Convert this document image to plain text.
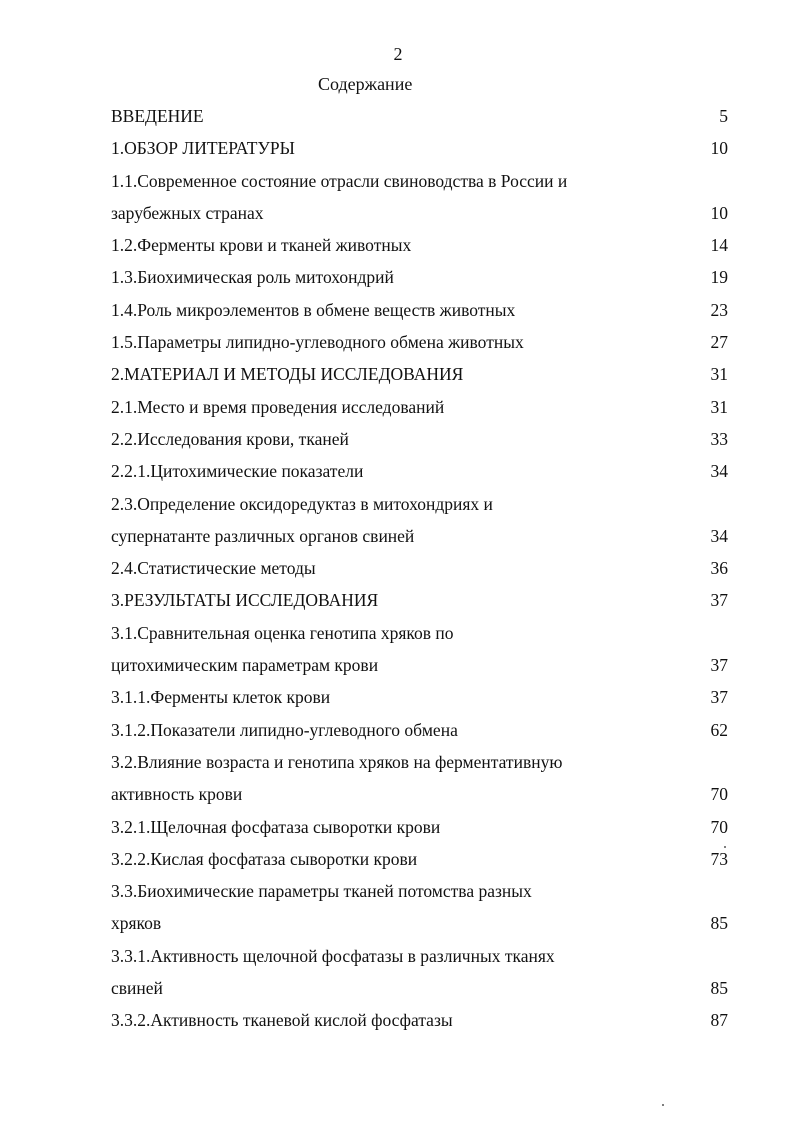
2
Содержание
ВВЕДЕНИЕ	5
1.ОБЗОР ЛИТЕРАТУРЫ	10
1.1.Современное состояние отрасли свиноводства в России и
зарубежных странах	10
1.2.Ферменты крови и тканей животных	14
1.3.Биохимическая роль митохондрий	19
1.4.Роль микроэлементов в обмене веществ животных	23
1.5.Параметры липидно-углеводного обмена животных	27
2.МАТЕРИАЛ И МЕТОДЫ ИССЛЕДОВАНИЯ	31
2.1.Место и время проведения исследований	31
2.2.Исследования крови, тканей	33
2.2.1.Цитохимические показатели	34
2.3.Определение оксидоредуктаз в митохондриях и
супернатанте различных органов свиней	34
2.4.Статистические методы	36
3.РЕЗУЛЬТАТЫ ИССЛЕДОВАНИЯ	37
3.1.Сравнительная оценка генотипа хряков по
цитохимическим параметрам крови	37
3.1.1.Ферменты клеток крови	37
3.1.2.Показатели липидно-углеводного обмена	62
3.2.Влияние возраста и генотипа хряков на ферментативную
активность крови	70
3.2.1.Щелочная фосфатаза сыворотки крови	70
3.2.2.Кислая фосфатаза сыворотки крови	73
3.3.Биохимические параметры тканей потомства разных
хряков	85
3.3.1.Активность щелочной фосфатазы в различных тканях
свиней	85
3.3.2.Активность тканевой кислой фосфатазы	87
